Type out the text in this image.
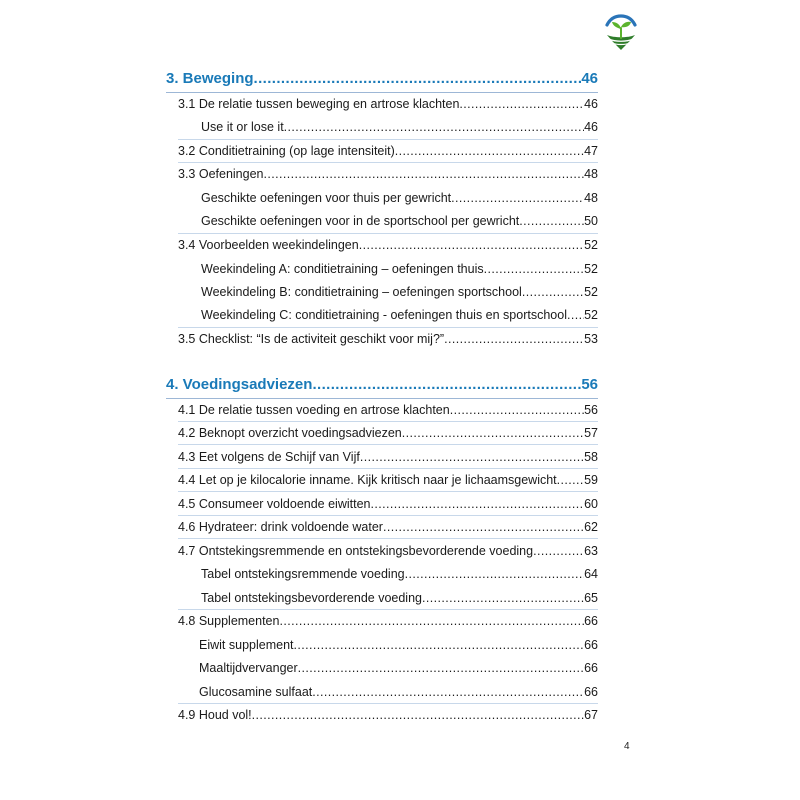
3. Beweging .....	46
3.1 De relatie tussen beweging en artrose klachten .....	46
Use it or lose it .....	46
3.2 Conditietraining (op lage intensiteit) .....	47
3.3 Oefeningen .....	48
Geschikte oefeningen voor thuis per gewricht .....	48
Geschikte oefeningen voor in de sportschool per gewricht .....	50
3.4 Voorbeelden weekindelingen .....	52
Weekindeling A: conditietraining – oefeningen thuis .....	52
Weekindeling B: conditietraining – oefeningen sportschool .....	52
Weekindeling C: conditietraining - oefeningen thuis en sportschool ..... 52
3.5 Checklist: “Is de activiteit geschikt voor mij?” .....	53
4. Voedingsadviezen .....	56
4.1 De relatie tussen voeding en artrose klachten .....	56
4.2 Beknopt overzicht voedingsadviezen .....	57
4.3 Eet volgens de Schijf van Vijf .....	58
4.4 Let op je kilocalorie inname. Kijk kritisch naar je lichaamsgewicht ..... 59
4.5 Consumeer voldoende eiwitten .....	60
4.6 Hydrateer: drink voldoende water .....	62
4.7 Ontstekingsremmende en ontstekingsbevorderende voeding .....	63
Tabel ontstekingsremmende voeding .....	64
Tabel ontstekingsbevorderende voeding .....	65
4.8 Supplementen .....	66
Eiwit supplement .....	66
Maaltijdvervanger .....	66
Glucosamine sulfaat .....	66
4.9 Houd vol! .....	67
4
